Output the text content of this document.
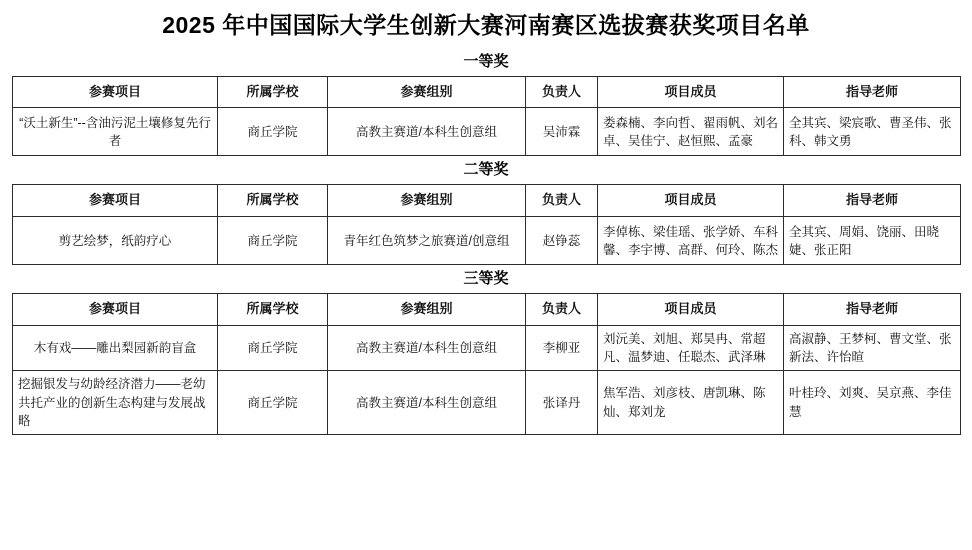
2025 年中国国际大学生创新大赛河南赛区选拔赛获奖项目名单
一等奖
参赛项目	所属学校	参赛组别	负责人	项目成员	指导老师
“沃土新生”--含油污泥土壤修复先行者	商丘学院	高教主赛道/本科生创意组	吴沛霖	娄森楠、李向哲、翟雨帆、刘名卓、吴佳宁、赵恒熙、孟豪	全其宾、梁宸歌、曹圣伟、张科、韩文勇
二等奖
参赛项目	所属学校	参赛组别	负责人	项目成员	指导老师
剪艺绘梦，纸韵疗心	商丘学院	青年红色筑梦之旅赛道/创意组	赵铮蕊	李倬栋、梁佳瑶、张学娇、车科馨、李宇博、高群、何玲、陈杰	全其宾、周娟、饶丽、田晓婕、张正阳
三等奖
参赛项目	所属学校	参赛组别	负责人	项目成员	指导老师
木有戏——雕出梨园新韵盲盒	商丘学院	高教主赛道/本科生创意组	李柳亚	刘沅美、刘旭、郑昊冉、常超凡、温梦迪、任聪杰、武泽琳	高淑静、王梦柯、曹文堂、张新法、许怡暄
挖掘银发与幼龄经济潜力——老幼共托产业的创新生态构建与发展战略	商丘学院	高教主赛道/本科生创意组	张译丹	焦军浩、刘彦枝、唐凯琳、陈灿、郑刘龙	叶桂玲、刘爽、吴京燕、李佳慧
